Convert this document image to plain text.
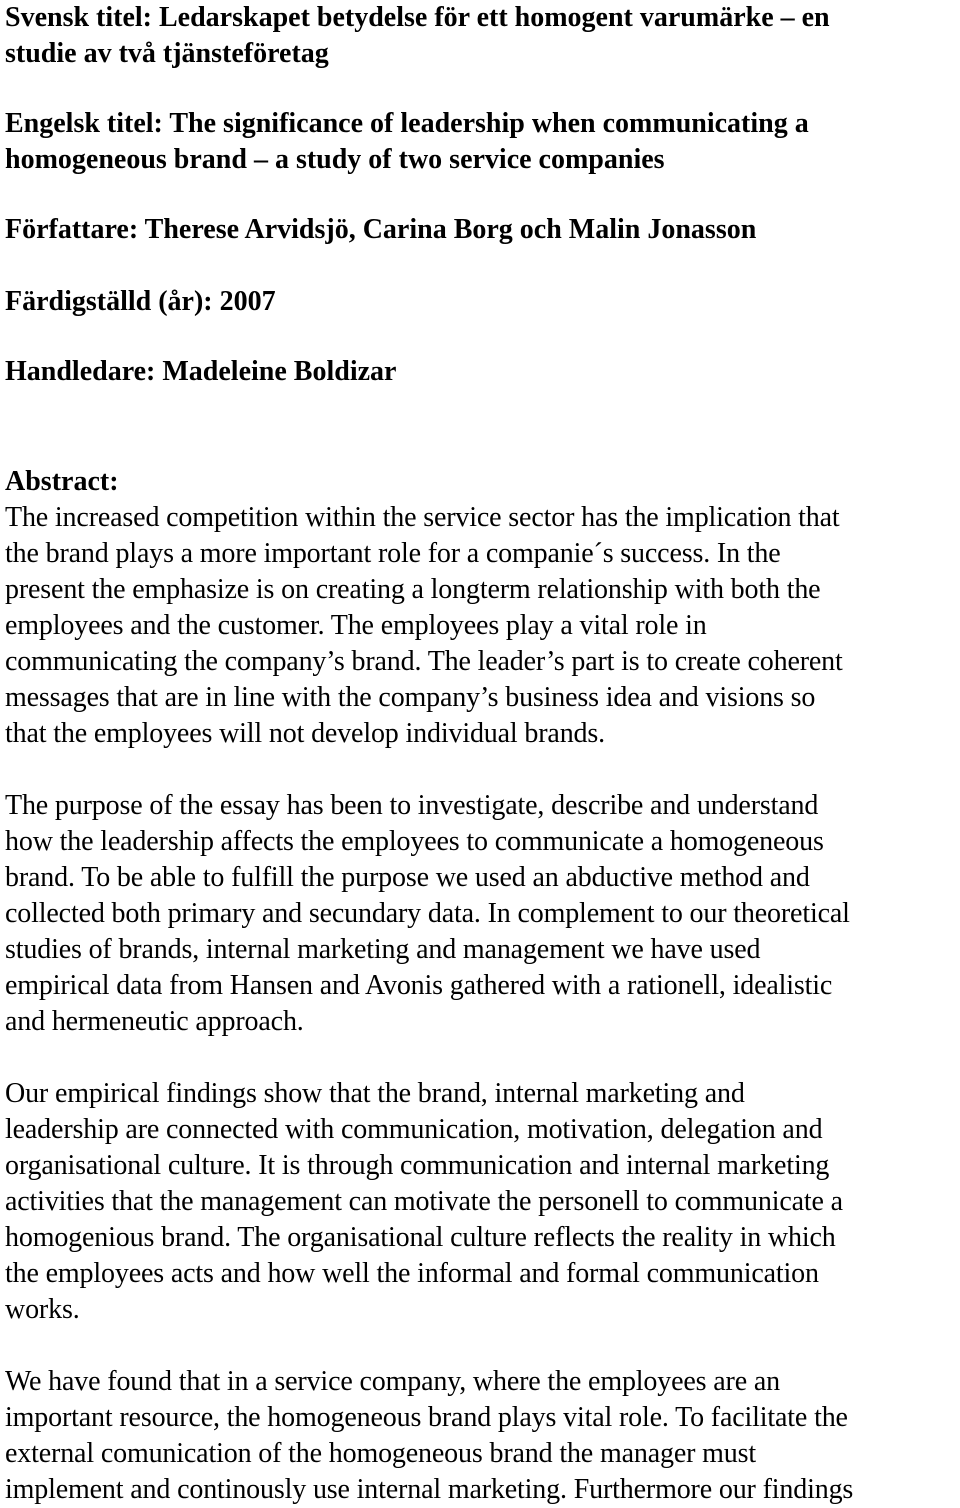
Svensk titel: Ledarskapet betydelse för ett homogent varumärke – en

studie av två tjänsteföretag

Engelsk titel: The significance of leadership when communicating a

homogeneous brand – a study of two service companies

Författare: Therese Arvidsjö, Carina Borg och Malin Jonasson

Färdigställd (år): 2007

Handledare: Madeleine Boldizar

Abstract:

The increased competition within the service sector has the implication that
the brand plays a more important role for a companie´s success. In the
present the emphasize is on creating a longterm relationship with both the
employees and the customer. The employees play a vital role in
communicating the company’s brand. The leader’s part is to create coherent
messages that are in line with the company’s business idea and visions so
that the employees will not develop individual brands.
The purpose of the essay has been to investigate, describe and understand
how the leadership affects the employees to communicate a homogeneous
brand. To be able to fulfill the purpose we used an abductive method and
collected both primary and secundary data. In complement to our theoretical
studies of brands, internal marketing and management we have used
empirical data from Hansen and Avonis gathered with a rationell, idealistic
and hermeneutic approach.
Our empirical findings show that the brand, internal marketing and
leadership are connected with communication, motivation, delegation and
organisational culture. It is through communication and internal marketing
activities that the management can motivate the personell to communicate a
homogenious brand. The organisational culture reflects the reality in which
the employees acts and how well the informal and formal communication
works.
We have found that in a service company, where the employees are an
important resource, the homogeneous brand plays vital role. To facilitate the
external comunication of the homogeneous brand the manager must
implement and continously use internal marketing. Furthermore our findings
